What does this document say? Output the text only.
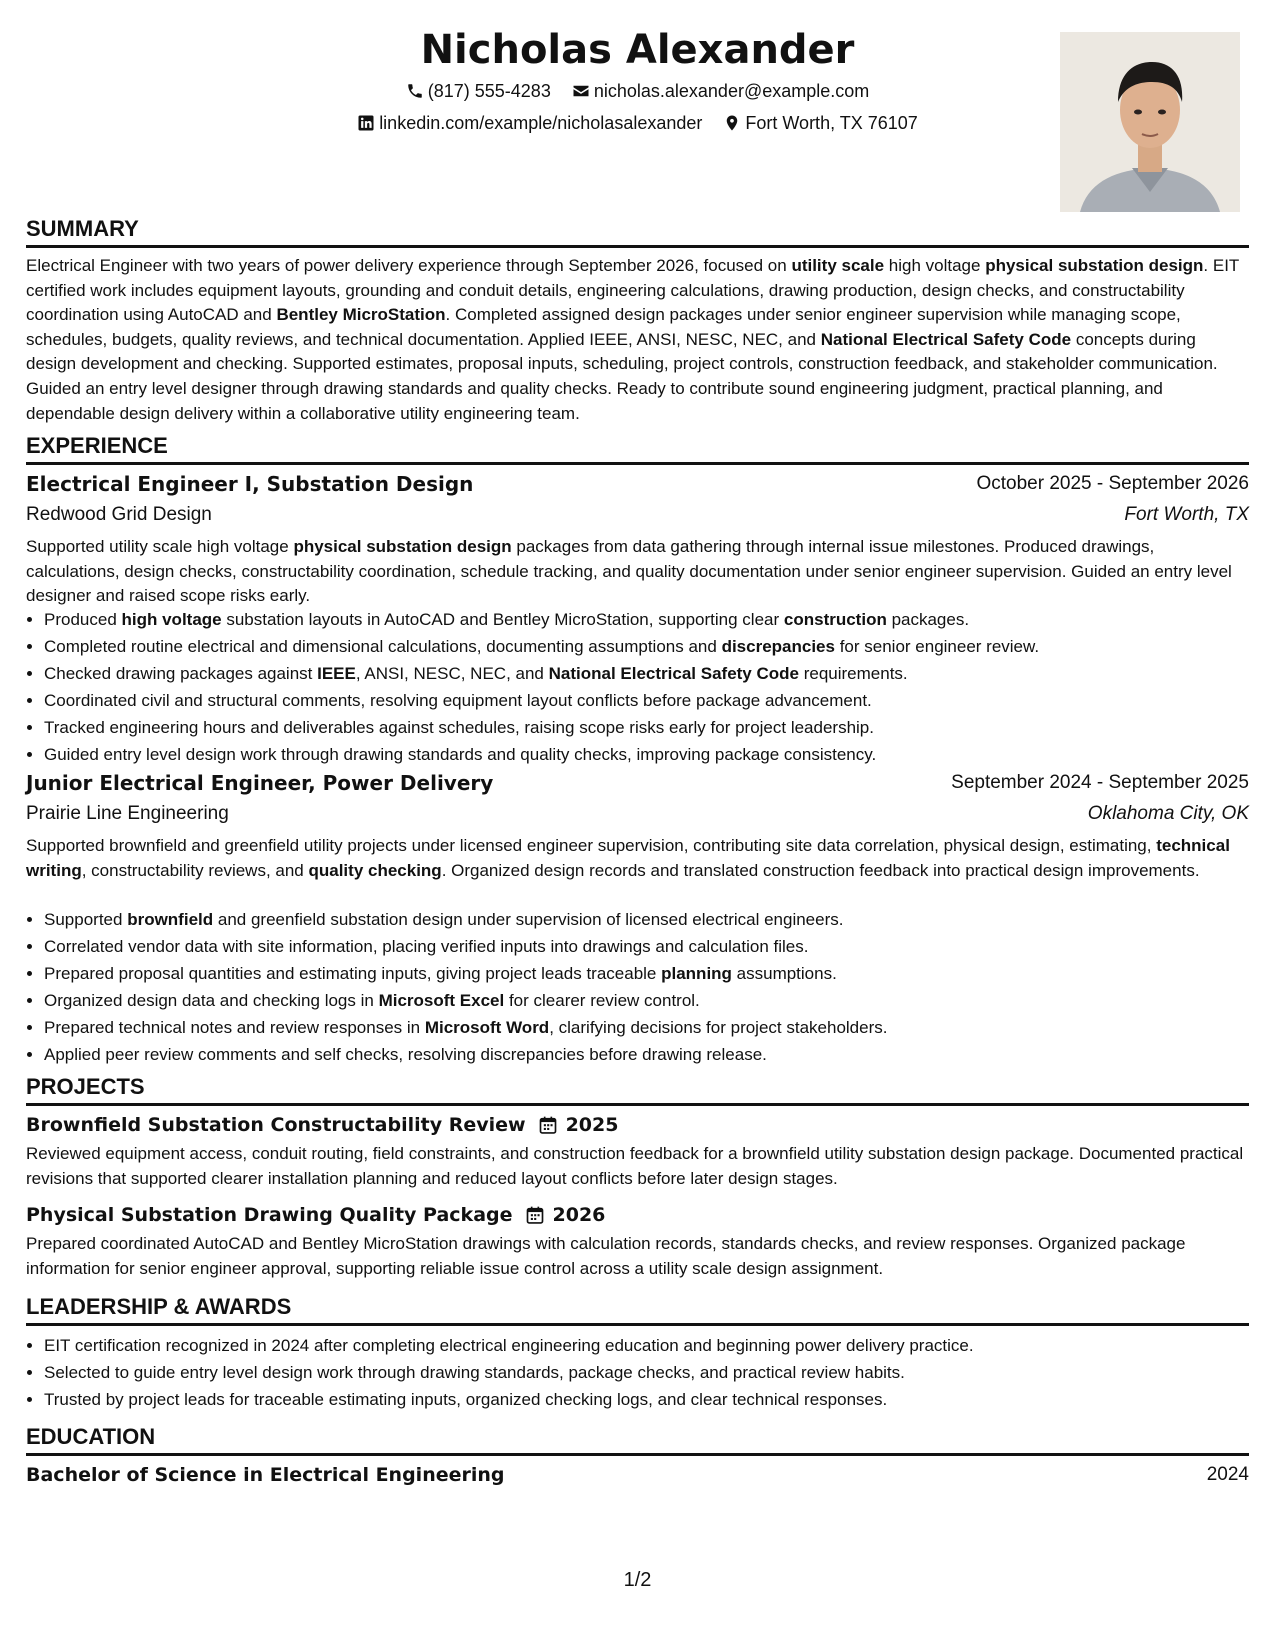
Nicholas Alexander
(817) 555-4283
nicholas.alexander@example.com
linkedin.com/example/nicholasalexander
Fort Worth, TX 76107
SUMMARY
Electrical Engineer with two years of power delivery experience through September 2026, focused on utility scale high voltage physical substation design. EIT certified work includes equipment layouts, grounding and conduit details, engineering calculations, drawing production, design checks, and constructability coordination using AutoCAD and Bentley MicroStation. Completed assigned design packages under senior engineer supervision while managing scope, schedules, budgets, quality reviews, and technical documentation. Applied IEEE, ANSI, NESC, NEC, and National Electrical Safety Code concepts during design development and checking. Supported estimates, proposal inputs, scheduling, project controls, construction feedback, and stakeholder communication. Guided an entry level designer through drawing standards and quality checks. Ready to contribute sound engineering judgment, practical planning, and dependable design delivery within a collaborative utility engineering team.
EXPERIENCE
Electrical Engineer I, Substation Design	October 2025 - September 2026
Redwood Grid Design	Fort Worth, TX
Supported utility scale high voltage physical substation design packages from data gathering through internal issue milestones. Produced drawings, calculations, design checks, constructability coordination, schedule tracking, and quality documentation under senior engineer supervision. Guided an entry level designer and raised scope risks early.
• Produced high voltage substation layouts in AutoCAD and Bentley MicroStation, supporting clear construction packages.
• Completed routine electrical and dimensional calculations, documenting assumptions and discrepancies for senior engineer review.
• Checked drawing packages against IEEE, ANSI, NESC, NEC, and National Electrical Safety Code requirements.
• Coordinated civil and structural comments, resolving equipment layout conflicts before package advancement.
• Tracked engineering hours and deliverables against schedules, raising scope risks early for project leadership.
• Guided entry level design work through drawing standards and quality checks, improving package consistency.
Junior Electrical Engineer, Power Delivery	September 2024 - September 2025
Prairie Line Engineering	Oklahoma City, OK
Supported brownfield and greenfield utility projects under licensed engineer supervision, contributing site data correlation, physical design, estimating, technical writing, constructability reviews, and quality checking. Organized design records and translated construction feedback into practical design improvements.
• Supported brownfield and greenfield substation design under supervision of licensed electrical engineers.
• Correlated vendor data with site information, placing verified inputs into drawings and calculation files.
• Prepared proposal quantities and estimating inputs, giving project leads traceable planning assumptions.
• Organized design data and checking logs in Microsoft Excel for clearer review control.
• Prepared technical notes and review responses in Microsoft Word, clarifying decisions for project stakeholders.
• Applied peer review comments and self checks, resolving discrepancies before drawing release.
PROJECTS
Brownfield Substation Constructability Review 2025
Reviewed equipment access, conduit routing, field constraints, and construction feedback for a brownfield utility substation design package. Documented practical revisions that supported clearer installation planning and reduced layout conflicts before later design stages.
Physical Substation Drawing Quality Package 2026
Prepared coordinated AutoCAD and Bentley MicroStation drawings with calculation records, standards checks, and review responses. Organized package information for senior engineer approval, supporting reliable issue control across a utility scale design assignment.
LEADERSHIP & AWARDS
• EIT certification recognized in 2024 after completing electrical engineering education and beginning power delivery practice.
• Selected to guide entry level design work through drawing standards, package checks, and practical review habits.
• Trusted by project leads for traceable estimating inputs, organized checking logs, and clear technical responses.
EDUCATION
Bachelor of Science in Electrical Engineering	2024
1/2
